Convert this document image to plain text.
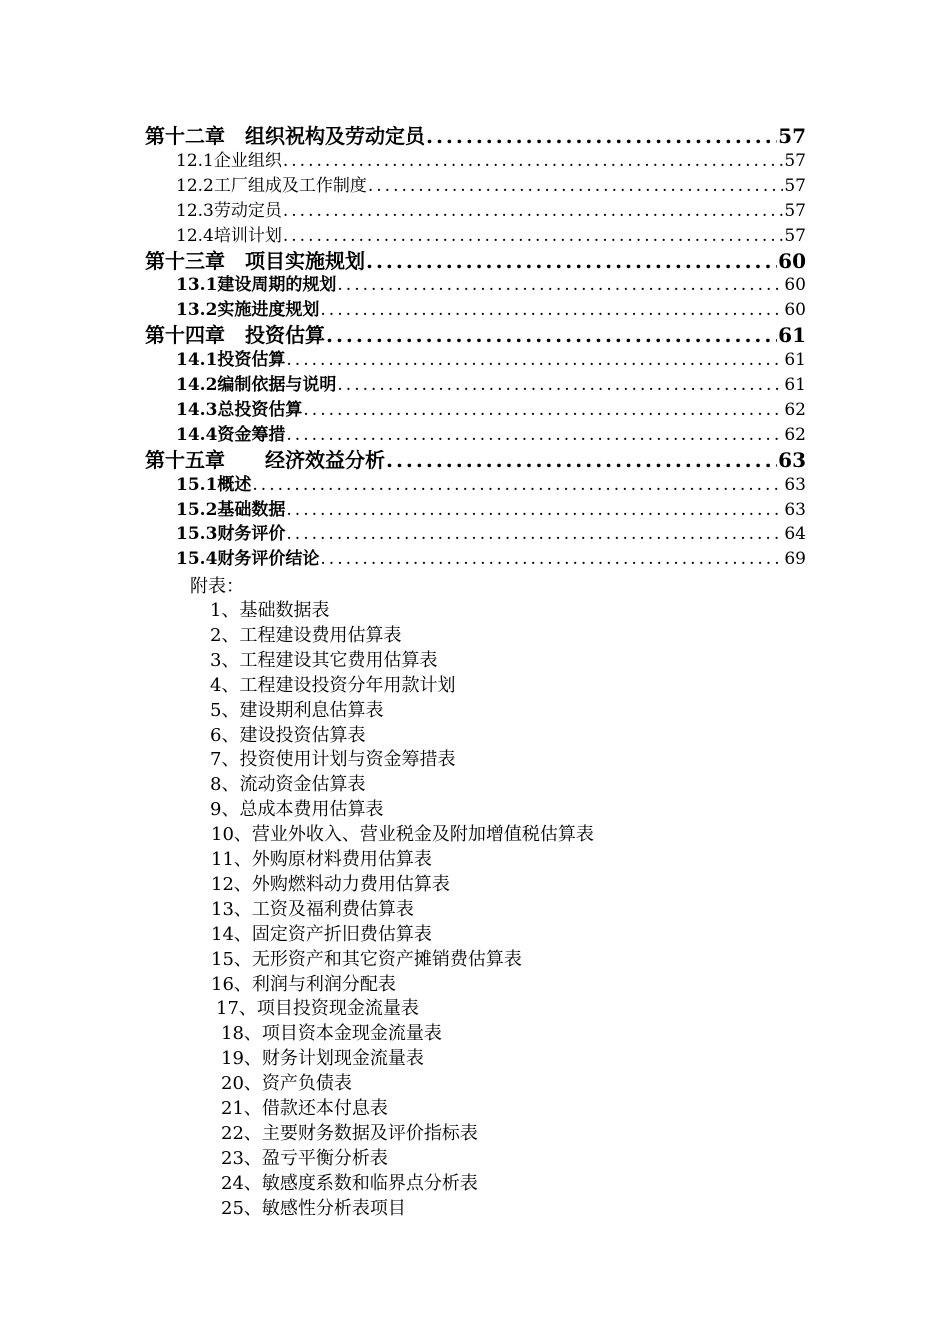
第十二章　组织祝构及劳动定员 .....	57
12.1企业组织 .....	57
12.2工厂组成及工作制度 .....	57
12.3劳动定员 .....	57
12.4培训计划 .....	57
第十三章　项目实施规划 .....	60
13.1建设周期的规划 .....	60
13.2实施进度规划 .....	60
第十四章　投资估算 .....	61
14.1投资估算 .....	61
14.2编制依据与说明 .....	61
14.3总投资估算 .....	62
14.4资金筹措 .....	62
第十五章　　经济效益分析 .....	63
15.1概述 .....	63
15.2基础数据 .....	63
15.3财务评价 .....	64
15.4财务评价结论 .....	69
附表：
1、基础数据表
2、工程建设费用估算表
3、工程建设其它费用估算表
4、工程建设投资分年用款计划
5、建设期利息估算表
6、建设投资估算表
7、投资使用计划与资金筹措表
8、流动资金估算表
9、总成本费用估算表
10、营业外收入、营业税金及附加增值税估算表
11、外购原材料费用估算表
12、外购燃料动力费用估算表
13、工资及福利费估算表
14、固定资产折旧费估算表
15、无形资产和其它资产摊销费估算表
16、利润与利润分配表
17、项目投资现金流量表
18、项目资本金现金流量表
19、财务计划现金流量表
20、资产负债表
21、借款还本付息表
22、主要财务数据及评价指标表
23、盈亏平衡分析表
24、敏感度系数和临界点分析表
25、敏感性分析表项目
